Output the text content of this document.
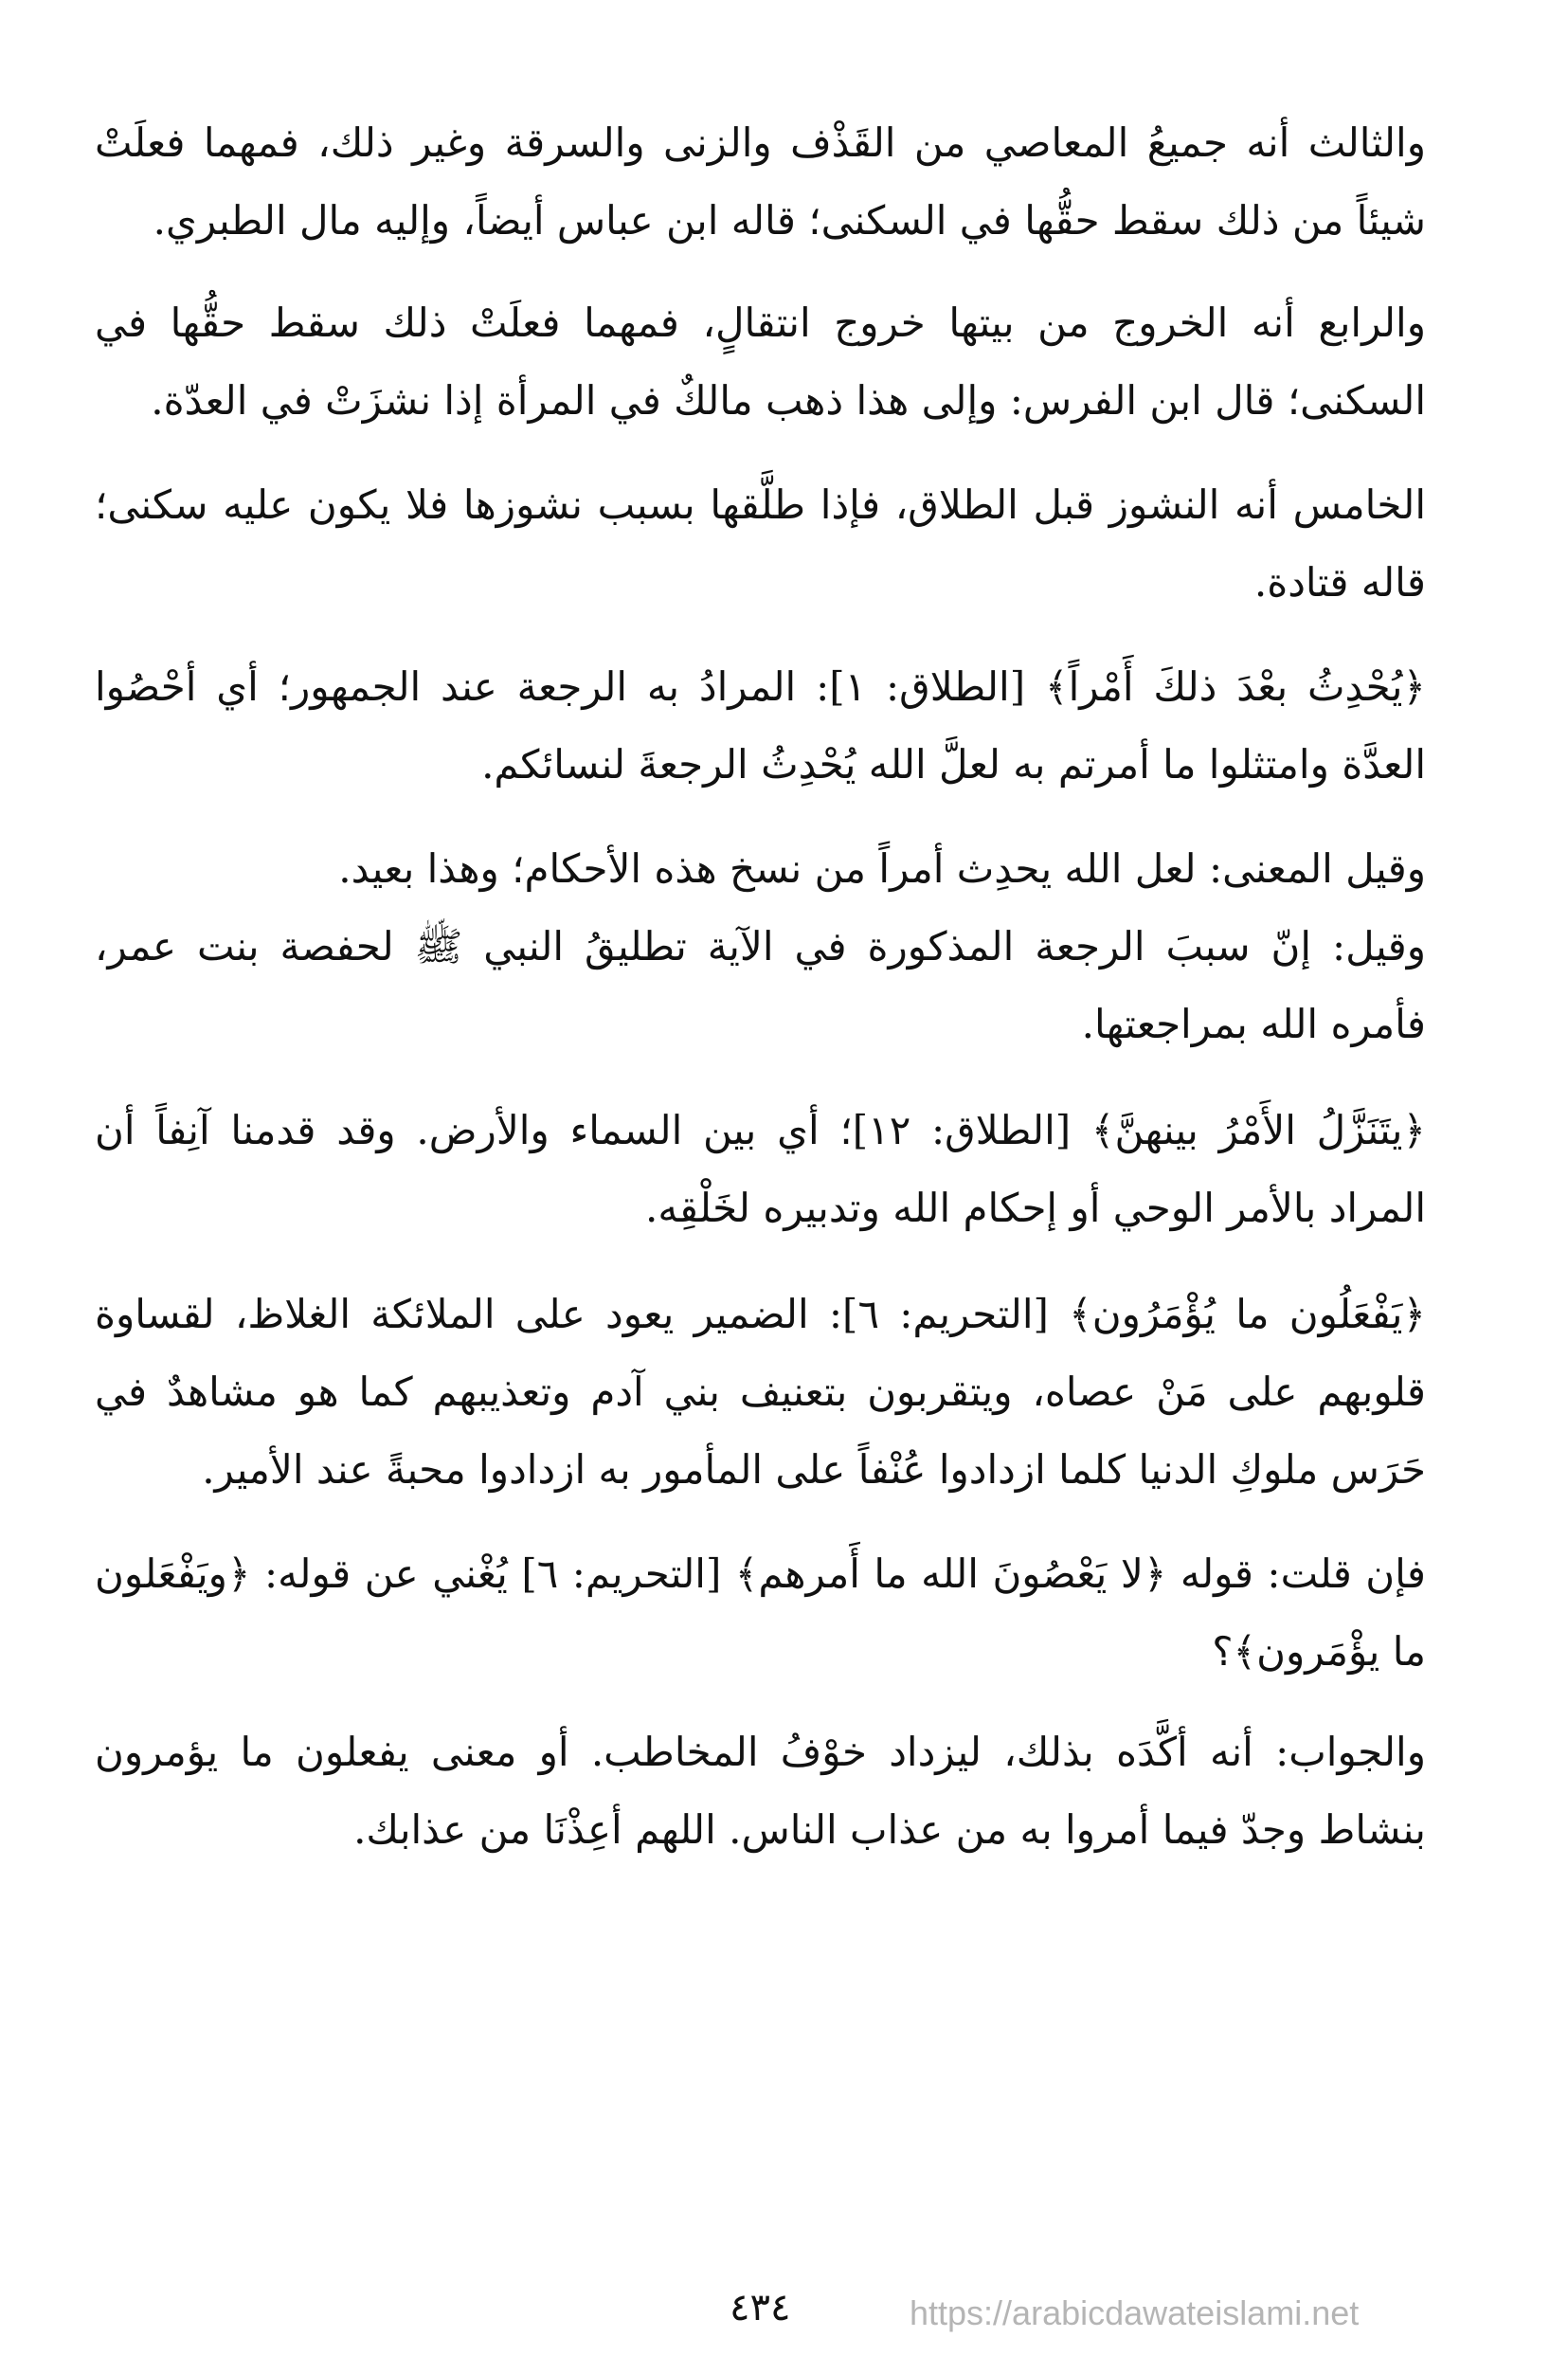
والثالث أنه جميعُ المعاصي من القَذْف والزنى والسرقة وغير ذلك، فمهما فعلَتْ شيئاً من ذلك سقط حقُّها في السكنى؛ قاله ابن عباس أيضاً، وإليه مال الطبري.

والرابع أنه الخروج من بيتها خروج انتقالٍ، فمهما فعلَتْ ذلك سقط حقُّها في السكنى؛ قال ابن الفرس: وإلى هذا ذهب مالكٌ في المرأة إذا نشزَتْ في العدّة.

الخامس أنه النشوز قبل الطلاق، فإذا طلَّقها بسبب نشوزها فلا يكون عليه سكنى؛ قاله قتادة.

﴿يُحْدِثُ بعْدَ ذلكَ أَمْراً﴾ [الطلاق: ١]: المرادُ به الرجعة عند الجمهور؛ أي أحْصُوا العدَّة وامتثلوا ما أمرتم به لعلَّ الله يُحْدِثُ الرجعةَ لنسائكم.

وقيل المعنى: لعل الله يحدِث أمراً من نسخ هذه الأحكام؛ وهذا بعيد.

وقيل: إنّ سببَ الرجعة المذكورة في الآية تطليقُ النبي ﷺ لحفصة بنت عمر، فأمره الله بمراجعتها.

﴿يتَنَزَّلُ الأَمْرُ بينهنَّ﴾ [الطلاق: ١٢]؛ أي بين السماء والأرض. وقد قدمنا آنِفاً أن المراد بالأمر الوحي أو إحكام الله وتدبيره لخَلْقِه.

﴿يَفْعَلُون ما يُؤْمَرُون﴾ [التحريم: ٦]: الضمير يعود على الملائكة الغلاظ، لقساوة قلوبهم على مَنْ عصاه، ويتقربون بتعنيف بني آدم وتعذيبهم كما هو مشاهدٌ في حَرَس ملوكِ الدنيا كلما ازدادوا عُنْفاً على المأمور به ازدادوا محبةً عند الأمير.

فإن قلت: قوله ﴿لا يَعْصُونَ الله ما أَمرهم﴾ [التحريم: ٦] يُغْني عن قوله: ﴿ويَفْعَلون ما يؤْمَرون﴾؟

والجواب: أنه أكَّدَه بذلك، ليزداد خوْفُ المخاطب. أو معنى يفعلون ما يؤمرون بنشاط وجدّ فيما أمروا به من عذاب الناس. اللهم أعِذْنَا من عذابك.

٤٣٤	https://arabicdawateislami.net
